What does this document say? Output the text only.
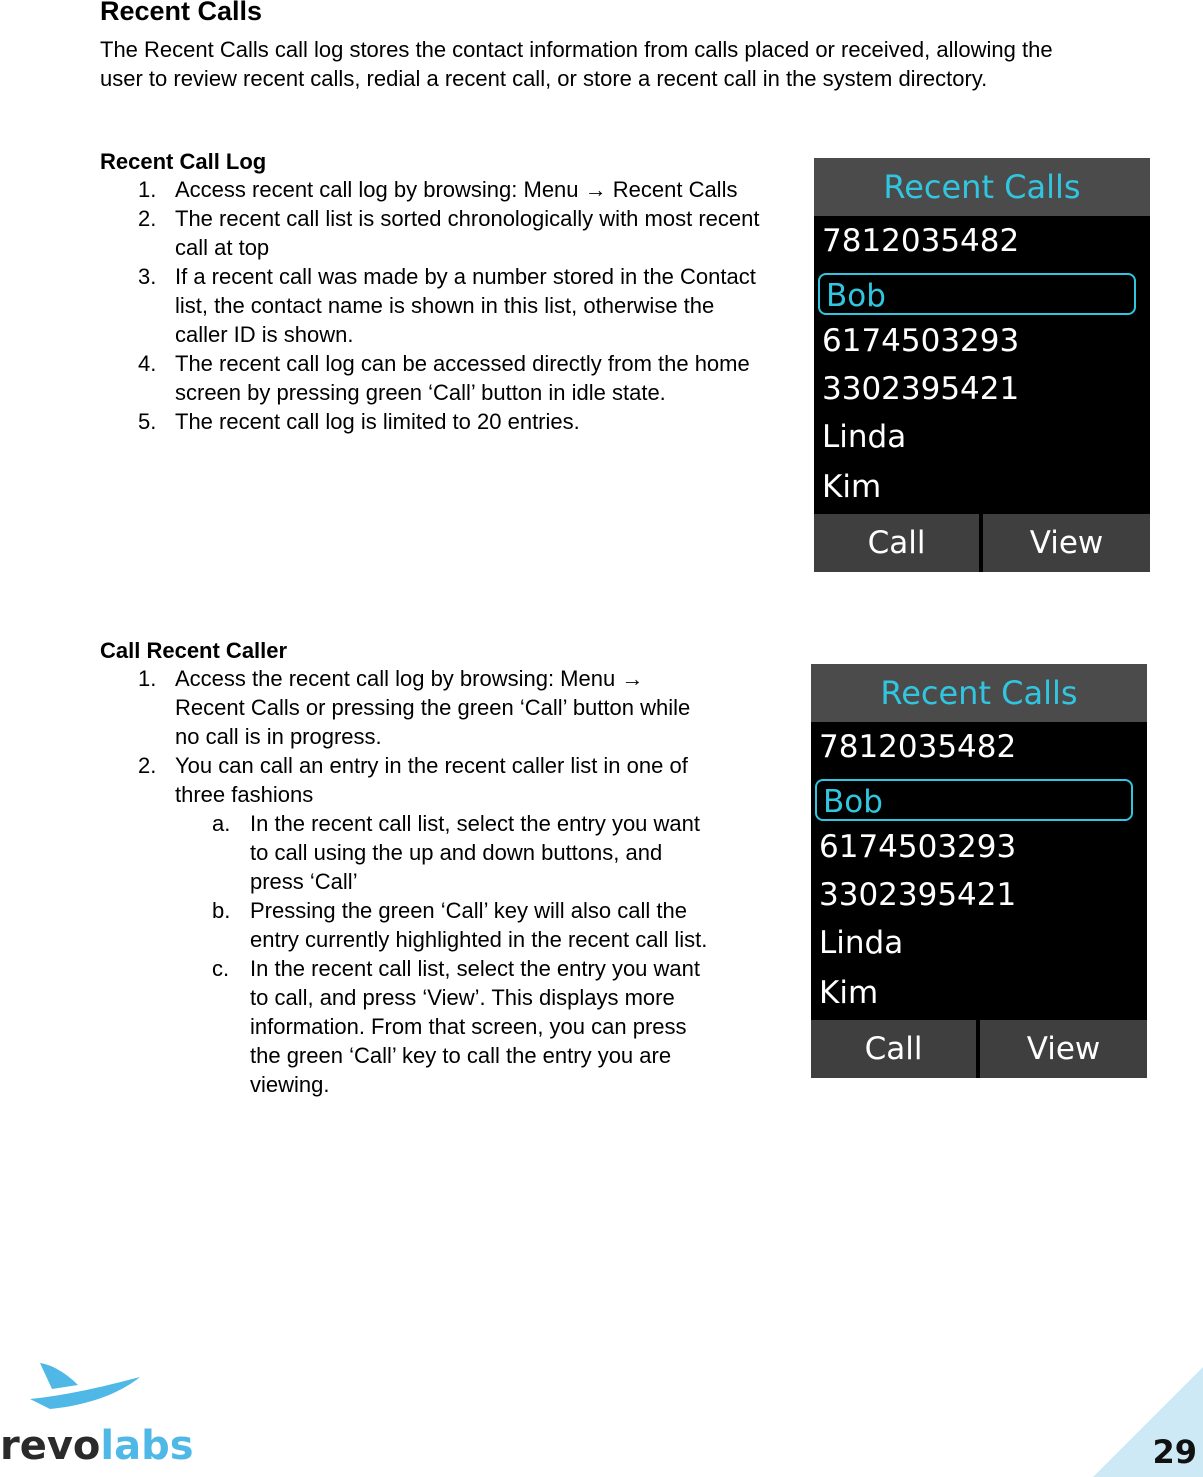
Recent Calls

The Recent Calls call log stores the contact information from calls placed or received, allowing the user to review recent calls, redial a recent call, or store a recent call in the system directory.

Recent Call Log
1. Access recent call log by browsing: Menu → Recent Calls
2. The recent call list is sorted chronologically with most recent call at top
3. If a recent call was made by a number stored in the Contact list, the contact name is shown in this list, otherwise the caller ID is shown.
4. The recent call log can be accessed directly from the home screen by pressing green ‘Call’ button in idle state.
5. The recent call log is limited to 20 entries.
Recent Calls
7812035482
Bob
6174503293
3302395421
Linda
Kim
Call	View
Call Recent Caller
1. Access the recent call log by browsing: Menu → Recent Calls or pressing the green ‘Call’ button while no call is in progress.
2. You can call an entry in the recent caller list in one of three fashions
a. In the recent call list, select the entry you want to call using the up and down buttons, and press ‘Call’
b. Pressing the green ‘Call’ key will also call the entry currently highlighted in the recent call list.
c. In the recent call list, select the entry you want to call, and press ‘View’. This displays more information. From that screen, you can press the green ‘Call’ key to call the entry you are viewing.
Recent Calls
7812035482
Bob
6174503293
3302395421
Linda
Kim
Call	View
revolabs	29
